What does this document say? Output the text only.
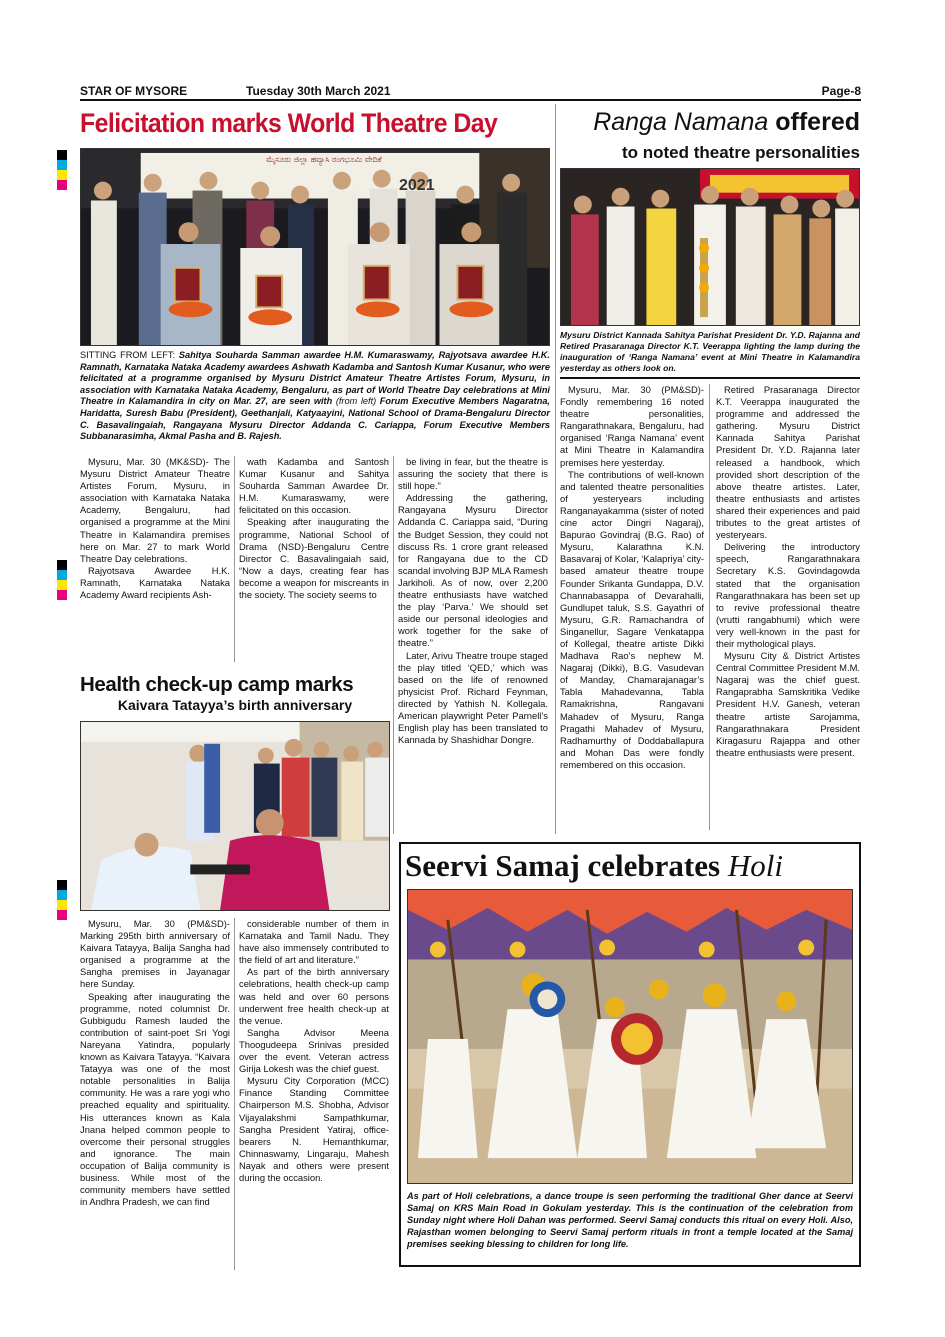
STAR OF MYSORE	Tuesday 30th March 2021	Page-8
Felicitation marks World Theatre Day
ಮೈಸೂರು ಜಿಲ್ಲಾ ಹವ್ಯಾಸಿ ರಂಗಭೂಮಿ ವೇದಿಕೆ
2021
SITTING FROM LEFT: Sahitya Souharda Samman awardee H.M. Kumaraswamy, Rajyotsava awardee H.K. Ramnath, Karnataka Nataka Academy awardees Ashwath Kadamba and Santosh Kumar Kusanur, who were felicitated at a programme organised by Mysuru District Amateur Theatre Artistes Forum, Mysuru, in association with Karnataka Nataka Academy, Bengaluru, as part of World Theatre Day celebrations at Mini Theatre in Kalamandira in city on Mar. 27, are seen with (from left) Forum Executive Members Nagaratna, Haridatta, Suresh Babu (President), Geethanjali, Katyaayini, National School of Drama-Bengaluru Director C. Basavalingaiah, Rangayana Mysuru Director Addanda C. Cariappa, Forum Executive Members Subbanarasimha, Akmal Pasha and B. Rajesh.

Mysuru, Mar. 30 (MK&SD)- The Mysuru District Amateur Theatre Artistes Forum, Mysuru, in association with Karnataka Nataka Academy, Bengaluru, had organised a programme at the Mini Theatre in Kalamandira premises here on Mar. 27 to mark World Theatre Day celebrations.

Rajyotsava Awardee H.K. Ramnath, Karnataka Nataka Academy Award recipients Ash-

wath Kadamba and Santosh Kumar Kusanur and Sahitya Souharda Samman Awardee Dr. H.M. Kumaraswamy, were felicitated on this occasion.

Speaking after inaugurating the programme, National School of Drama (NSD)-Bengaluru Centre Director C. Basavalingaiah said, “Now a days, creating fear has become a weapon for miscreants in the society. The society seems to

be living in fear, but the theatre is assuring the society that there is still hope.”

Addressing the gathering, Rangayana Mysuru Director Addanda C. Cariappa said, “During the Budget Session, they could not discuss Rs. 1 crore grant released for Rangayana due to the CD scandal involving BJP MLA Ramesh Jarkiholi. As of now, over 2,200 theatre enthusiasts have watched the play ‘Parva.’ We should set aside our personal ideologies and work together for the sake of theatre.”

Later, Arivu Theatre troupe staged the play titled ‘QED,’ which was based on the life of renowned physicist Prof. Richard Feynman, directed by Yathish N. Kollegala. American playwright Peter Parnell’s English play has been translated to Kannada by Shashidhar Dongre.

Ranga Namana offered
to noted theatre personalities
Mysuru District Kannada Sahitya Parishat President Dr. Y.D. Rajanna and Retired Prasaranaga Director K.T. Veerappa lighting the lamp during the inauguration of ‘Ranga Namana’ event at Mini Theatre in Kalamandira yesterday as others look on.

Mysuru, Mar. 30 (PM&SD)- Fondly remembering 16 noted theatre personalities, Rangarathnakara, Bengaluru, had organised ‘Ranga Namana’ event at Mini Theatre in Kalamandira premises here yesterday.

The contributions of well-known and talented theatre personalities of yesteryears including Ranganayakamma (sister of noted cine actor Dingri Nagaraj), Bapurao Govindraj (B.G. Rao) of Mysuru, Kalarathna K.N. Basavaraj of Kolar, ‘Kalapriya’ city-based amateur theatre troupe Founder Srikanta Gundappa, D.V. Channabasappa of Devarahalli, Gundlupet taluk, S.S. Gayathri of Mysuru, G.R. Ramachandra of Singanellur, Sagare Venkatappa of Kollegal, theatre artiste Dikki Madhava Rao’s nephew M. Nagaraj (Dikki), B.G. Vasudevan of Manday, Chamarajanagar’s Tabla Mahadevanna, Tabla Ramakrishna, Rangavani Mahadev of Mysuru, Ranga Pragathi Mahadev of Mysuru, Radhamurthy of Doddaballapura and Mohan Das were fondly remembered on this occasion.

Retired Prasaranaga Director K.T. Veerappa inaugurated the programme and addressed the gathering. Mysuru District Kannada Sahitya Parishat President Dr. Y.D. Rajanna later released a handbook, which provided short description of the above theatre artistes. Later, theatre enthusiasts and artistes shared their experiences and paid tributes to the great artistes of yesteryears.

Delivering the introductory speech, Rangarathnakara Secretary K.S. Govindagowda stated that the organisation Rangarathnakara has been set up to revive professional theatre (vrutti rangabhumi) which were very well-known in the past for their mythological plays.

Mysuru City & District Artistes Central Committee President M.M. Nagaraj was the chief guest. Rangaprabha Samskritika Vedike President H.V. Ganesh, veteran theatre artiste Sarojamma, Rangarathnakara President Kiragasuru Rajappa and other theatre enthusiasts were present.

Health check-up camp marks
Kaivara Tatayya’s birth anniversary

Mysuru, Mar. 30 (PM&SD)- Marking 295th birth anniversary of Kaivara Tatayya, Balija Sangha had organised a programme at the Sangha premises in Jayanagar here Sunday.

Speaking after inaugurating the programme, noted columnist Dr. Gubbigudu Ramesh lauded the contribution of saint-poet Sri Yogi Nareyana Yatindra, popularly known as Kaivara Tatayya. “Kaivara Tatayya was one of the most notable personalities in Balija community. He was a rare yogi who preached equality and spirituality. His utterances known as Kala Jnana helped common people to overcome their personal struggles and ignorance. The main occupation of Balija community is business. While most of the community members have settled in Andhra Pradesh, we can find

considerable number of them in Karnataka and Tamil Nadu. They have also immensely contributed to the field of art and literature.”

As part of the birth anniversary celebrations, health check-up camp was held and over 60 persons underwent free health check-up at the venue.

Sangha Advisor Meena Thoogudeepa Srinivas presided over the event. Veteran actress Girija Lokesh was the chief guest.

Mysuru City Corporation (MCC) Finance Standing Committee Chairperson M.S. Shobha, Advisor Vijayalakshmi Sampathkumar, Sangha President Yatiraj, office-bearers N. Hemanthkumar, Chinnaswamy, Lingaraju, Mahesh Nayak and others were present during the occasion.

Seervi Samaj celebrates Holi
As part of Holi celebrations, a dance troupe is seen performing the traditional Gher dance at Seervi Samaj on KRS Main Road in Gokulam yesterday. This is the continuation of the celebration from Sunday night where Holi Dahan was performed. Seervi Samaj conducts this ritual on every Holi. Also, Rajasthan women belonging to Seervi Samaj perform rituals in front a temple located at the Samaj premises seeking blessing to children for long life.
